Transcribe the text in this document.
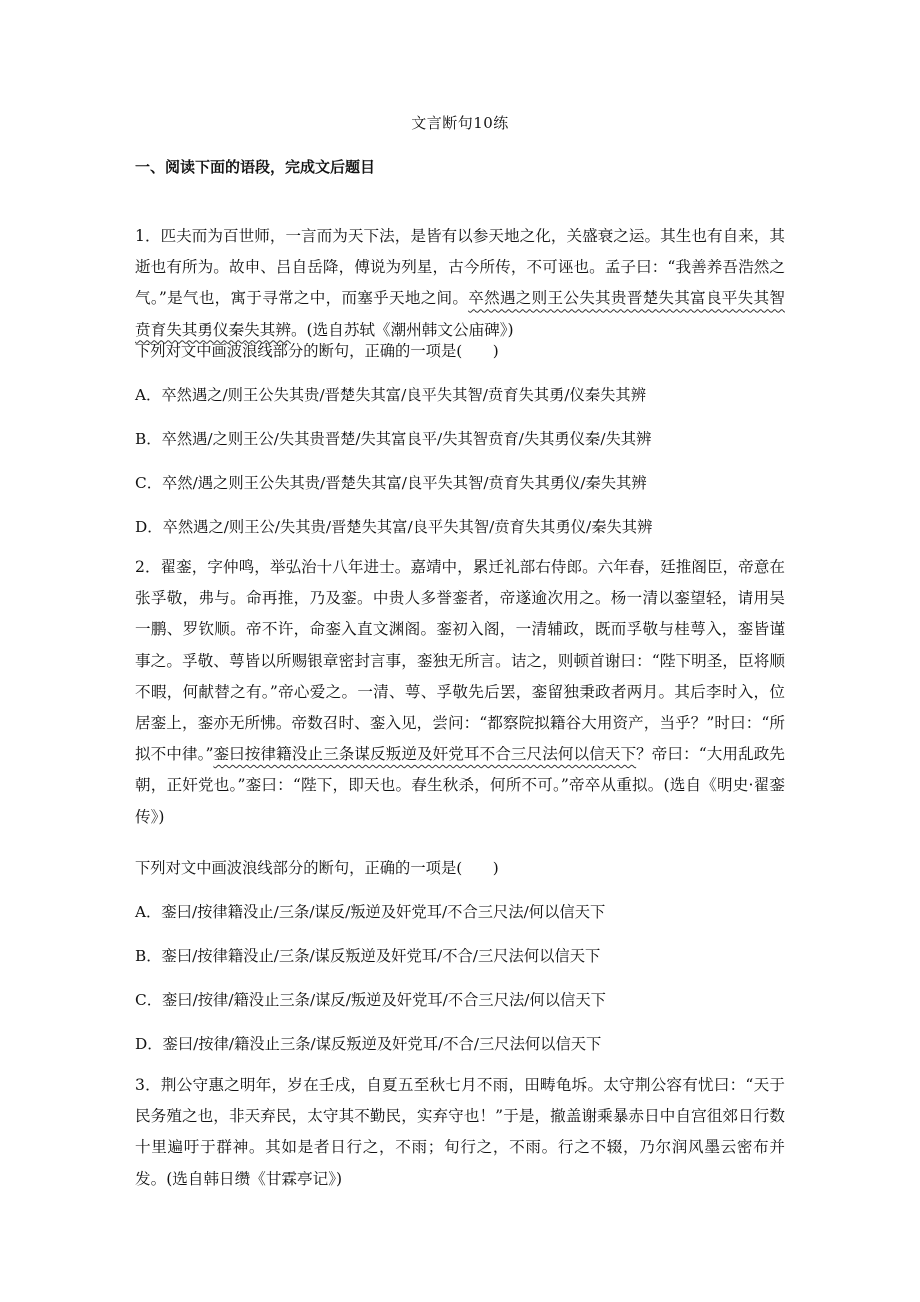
文言断句10练
一、阅读下面的语段，完成文后题目
1．匹夫而为百世师，一言而为天下法，是皆有以参天地之化，关盛衰之运。其生也有自来，其逝也有所为。故申、吕自岳降，傅说为列星，古今所传，不可诬也。孟子曰：“我善养吾浩然之气。”是气也，寓于寻常之中，而塞乎天地之间。卒然遇之则王公失其贵晋楚失其富良平失其智贲育失其勇仪秦失其辨。(选自苏轼《潮州韩文公庙碑》)
下列对文中画波浪线部分的断句，正确的一项是(　　)
A．卒然遇之/则王公失其贵/晋楚失其富/良平失其智/贲育失其勇/仪秦失其辨
B．卒然遇/之则王公/失其贵晋楚/失其富良平/失其智贲育/失其勇仪秦/失其辨
C．卒然/遇之则王公失其贵/晋楚失其富/良平失其智/贲育失其勇仪/秦失其辨
D．卒然遇之/则王公/失其贵/晋楚失其富/良平失其智/贲育失其勇仪/秦失其辨
2．翟銮，字仲鸣，举弘治十八年进士。嘉靖中，累迁礼部右侍郎。六年春，廷推阁臣，帝意在张孚敬，弗与。命再推，乃及銮。中贵人多誉銮者，帝遂逾次用之。杨一清以銮望轻，请用吴一鹏、罗钦顺。帝不许，命銮入直文渊阁。銮初入阁，一清辅政，既而孚敬与桂萼入，銮皆谨事之。孚敬、萼皆以所赐银章密封言事，銮独无所言。诘之，则顿首谢曰：“陛下明圣，臣将顺不暇，何献替之有。”帝心爱之。一清、萼、孚敬先后罢，銮留独秉政者两月。其后李时入，位居銮上，銮亦无所怫。帝数召时、銮入见，尝问：“都察院拟籍谷大用资产，当乎？”时曰：“所拟不中律。”銮曰按律籍没止三条谋反叛逆及奸党耳不合三尺法何以信天下？帝曰：“大用乱政先朝，正奸党也。”銮曰：“陛下，即天也。春生秋杀，何所不可。”帝卒从重拟。(选自《明史·翟銮传》)
下列对文中画波浪线部分的断句，正确的一项是(　　)
A．銮曰/按律籍没止/三条/谋反/叛逆及奸党耳/不合三尺法/何以信天下
B．銮曰/按律籍没止/三条/谋反叛逆及奸党耳/不合/三尺法何以信天下
C．銮曰/按律/籍没止三条/谋反/叛逆及奸党耳/不合三尺法/何以信天下
D．銮曰/按律/籍没止三条/谋反叛逆及奸党耳/不合/三尺法何以信天下
3．荆公守惠之明年，岁在壬戌，自夏五至秋七月不雨，田畴龟坼。太守荆公容有忧曰：“天于民务殖之也，非天弃民，太守其不勤民，实弃守也！”于是，撤盖谢乘暴赤日中自宫徂郊日行数十里遍吁于群神。其如是者日行之，不雨；旬行之，不雨。行之不辍，乃尔润风墨云密布并发。(选自韩日缵《甘霖亭记》)
